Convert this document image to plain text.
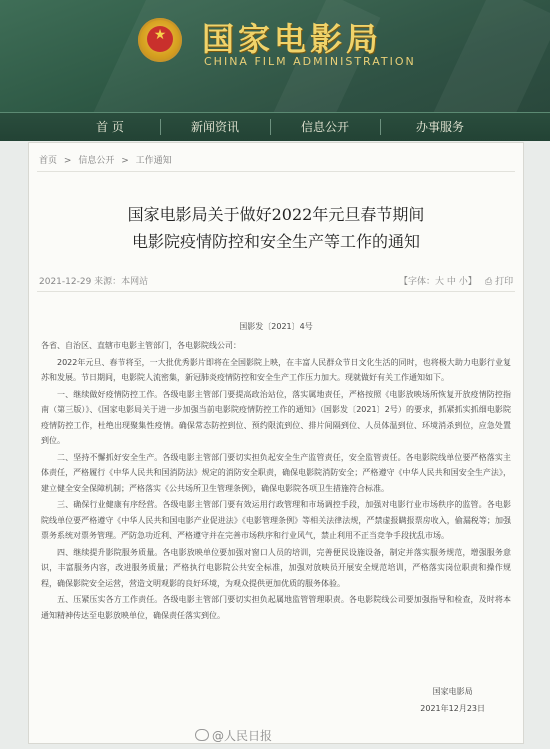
★	国家电影局
CHINA FILM ADMINISTRATION
首 页	新闻资讯	信息公开	办事服务
首页 > 信息公开 > 工作通知
国家电影局关于做好2022年元旦春节期间
电影院疫情防控和安全生产等工作的通知
2021-12-29 来源：本网站	【字体：大 中 小】 ⎙ 打印
国影发〔2021〕4号

各省、自治区、直辖市电影主管部门，各电影院线公司：

2022年元旦、春节将至，一大批优秀影片即将在全国影院上映，在丰富人民群众节日文化生活的同时，也将极大助力电影行业复苏和发展。节日期间，电影院人流密集，新冠肺炎疫情防控和安全生产工作压力加大。现就做好有关工作通知如下。

一、继续做好疫情防控工作。各级电影主管部门要提高政治站位，落实属地责任，严格按照《电影放映场所恢复开放疫情防控指南（第三版）》、《国家电影局关于进一步加强当前电影院疫情防控工作的通知》（国影发〔2021〕2号）的要求，抓紧抓实抓细电影院疫情防控工作，杜绝出现聚集性疫情。确保常态防控到位、预约限流到位、排片间隔到位、人员体温到位、环境消杀到位，应急处置到位。

二、坚持不懈抓好安全生产。各级电影主管部门要切实担负起安全生产监管责任，安全监管责任。各电影院线单位要严格落实主体责任，严格履行《中华人民共和国消防法》规定的消防安全职责，确保电影院消防安全；严格遵守《中华人民共和国安全生产法》，建立健全安全保障机制；严格落实《公共场所卫生管理条例》，确保电影院各项卫生措施符合标准。

三、确保行业健康有序经营。各级电影主管部门要有效运用行政管理和市场调控手段，加强对电影行业市场秩序的监管。各电影院线单位要严格遵守《中华人民共和国电影产业促进法》《电影管理条例》等相关法律法规，严禁虚报瞒报票房收入，偷漏税等；加强票务系统对票务管理。严防急功近利、严格遵守并在完善市场秩序和行业风气，禁止利用不正当竞争手段扰乱市场。

四、继续提升影院服务质量。各电影放映单位要加强对窗口人员的培训，完善便民设施设备，制定并落实服务规范，增强服务意识，丰富服务内容，改进服务质量；严格执行电影院公共安全标准，加强对放映员开展安全规范培训，严格落实岗位职责和操作规程，确保影院安全运营，营造文明观影的良好环境，为观众提供更加优质的服务体验。

五、压紧压实各方工作责任。各级电影主管部门要切实担负起属地监管管理职责。各电影院线公司要加强指导和检查，及时将本通知精神传达至电影放映单位，确保责任落实到位。

国家电影局
2021年12月23日
@人民日报
